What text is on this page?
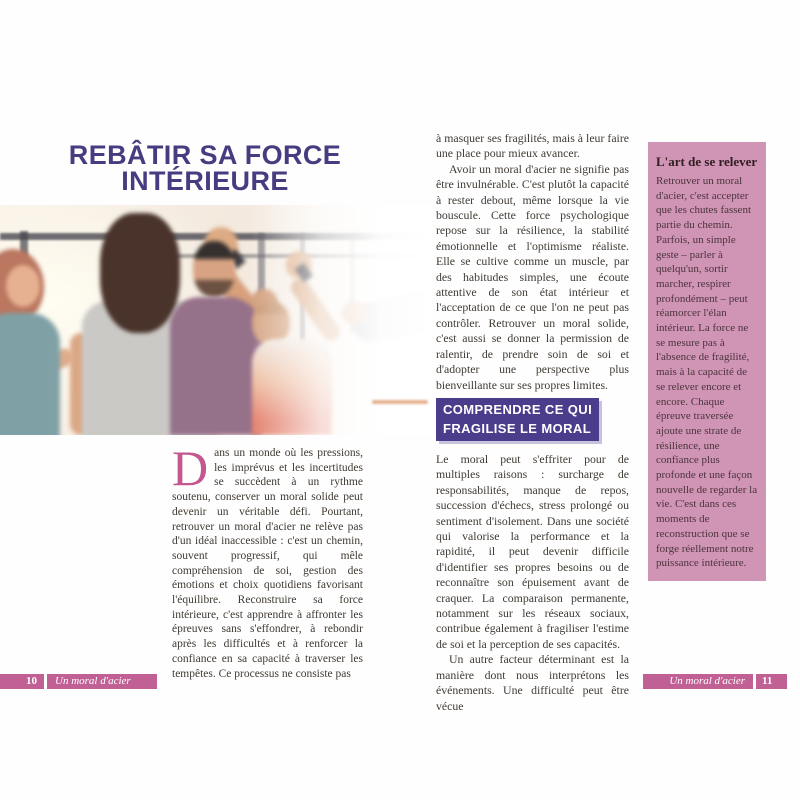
REBÂTIR SA FORCE
INTÉRIEURE

Dans un monde où les pressions, les imprévus et les incertitudes se succèdent à un rythme soutenu, conserver un moral solide peut devenir un véritable défi. Pourtant, retrouver un moral d'acier ne relève pas d'un idéal inaccessible : c'est un chemin, souvent progressif, qui mêle compréhension de soi, gestion des émotions et choix quotidiens favorisant l'équilibre. Reconstruire sa force intérieure, c'est apprendre à affronter les épreuves sans s'effondrer, à rebondir après les difficultés et à renforcer la confiance en sa capacité à traverser les tempêtes. Ce processus ne consiste pas

à masquer ses fragilités, mais à leur faire une place pour mieux avancer.

Avoir un moral d'acier ne signifie pas être invulnérable. C'est plutôt la capacité à rester debout, même lorsque la vie bouscule. Cette force psychologique repose sur la résilience, la stabilité émotionnelle et l'optimisme réaliste. Elle se cultive comme un muscle, par des habitudes simples, une écoute attentive de son état intérieur et l'acceptation de ce que l'on ne peut pas contrôler. Retrouver un moral solide, c'est aussi se donner la permission de ralentir, de prendre soin de soi et d'adopter une perspective plus bienveillante sur ses propres limites.

COMPRENDRE CE QUI
FRAGILISE LE MORAL

Le moral peut s'effriter pour de multiples raisons : surcharge de responsabilités, manque de repos, succession d'échecs, stress prolongé ou sentiment d'isolement. Dans une société qui valorise la performance et la rapidité, il peut devenir difficile d'identifier ses propres besoins ou de reconnaître son épuisement avant de craquer. La comparaison permanente, notamment sur les réseaux sociaux, contribue également à fragiliser l'estime de soi et la perception de ses capacités.

Un autre facteur déterminant est la manière dont nous interprétons les événements. Une difficulté peut être vécue

L'art de se relever

Retrouver un moral d'acier, c'est accepter que les chutes fassent partie du chemin. Parfois, un simple geste – parler à quelqu'un, sortir marcher, respirer profondément – peut réamorcer l'élan intérieur. La force ne se mesure pas à l'absence de fragilité, mais à la capacité de se relever encore et encore. Chaque épreuve traversée ajoute une strate de résilience, une confiance plus profonde et une façon nouvelle de regarder la vie. C'est dans ces moments de reconstruction que se forge réellement notre puissance intérieure.

10	Un moral d'acier	Un moral d'acier	11
